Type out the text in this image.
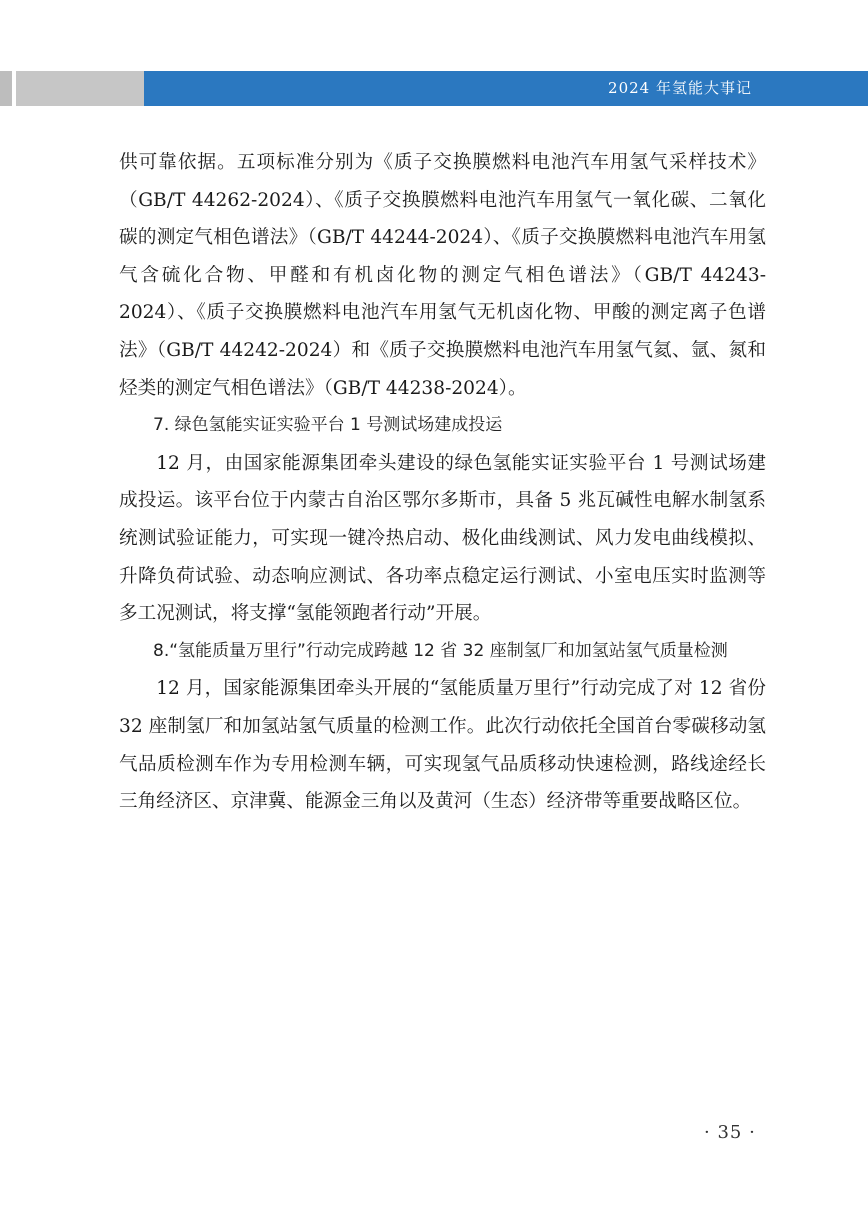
2024 年氢能大事记

供可靠依据。五项标准分别为《质子交换膜燃料电池汽车用氢气采样技术》（GB/T 44262-2024）、《质子交换膜燃料电池汽车用氢气一氧化碳、二氧化碳的测定气相色谱法》（GB/T 44244-2024）、《质子交换膜燃料电池汽车用氢气含硫化合物、甲醛和有机卤化物的测定气相色谱法》（GB/T 44243-2024）、《质子交换膜燃料电池汽车用氢气无机卤化物、甲酸的测定离子色谱法》（GB/T 44242-2024）和《质子交换膜燃料电池汽车用氢气氦、氩、氮和烃类的测定气相色谱法》（GB/T 44238-2024）。

7. 绿色氢能实证实验平台 1 号测试场建成投运

12 月，由国家能源集团牵头建设的绿色氢能实证实验平台 1 号测试场建成投运。该平台位于内蒙古自治区鄂尔多斯市，具备 5 兆瓦碱性电解水制氢系统测试验证能力，可实现一键冷热启动、极化曲线测试、风力发电曲线模拟、升降负荷试验、动态响应测试、各功率点稳定运行测试、小室电压实时监测等多工况测试，将支撑“氢能领跑者行动”开展。

8.“氢能质量万里行”行动完成跨越 12 省 32 座制氢厂和加氢站氢气质量检测

12 月，国家能源集团牵头开展的“氢能质量万里行”行动完成了对 12 省份 32 座制氢厂和加氢站氢气质量的检测工作。此次行动依托全国首台零碳移动氢气品质检测车作为专用检测车辆，可实现氢气品质移动快速检测，路线途经长三角经济区、京津冀、能源金三角以及黄河（生态）经济带等重要战略区位。

· 35 ·
